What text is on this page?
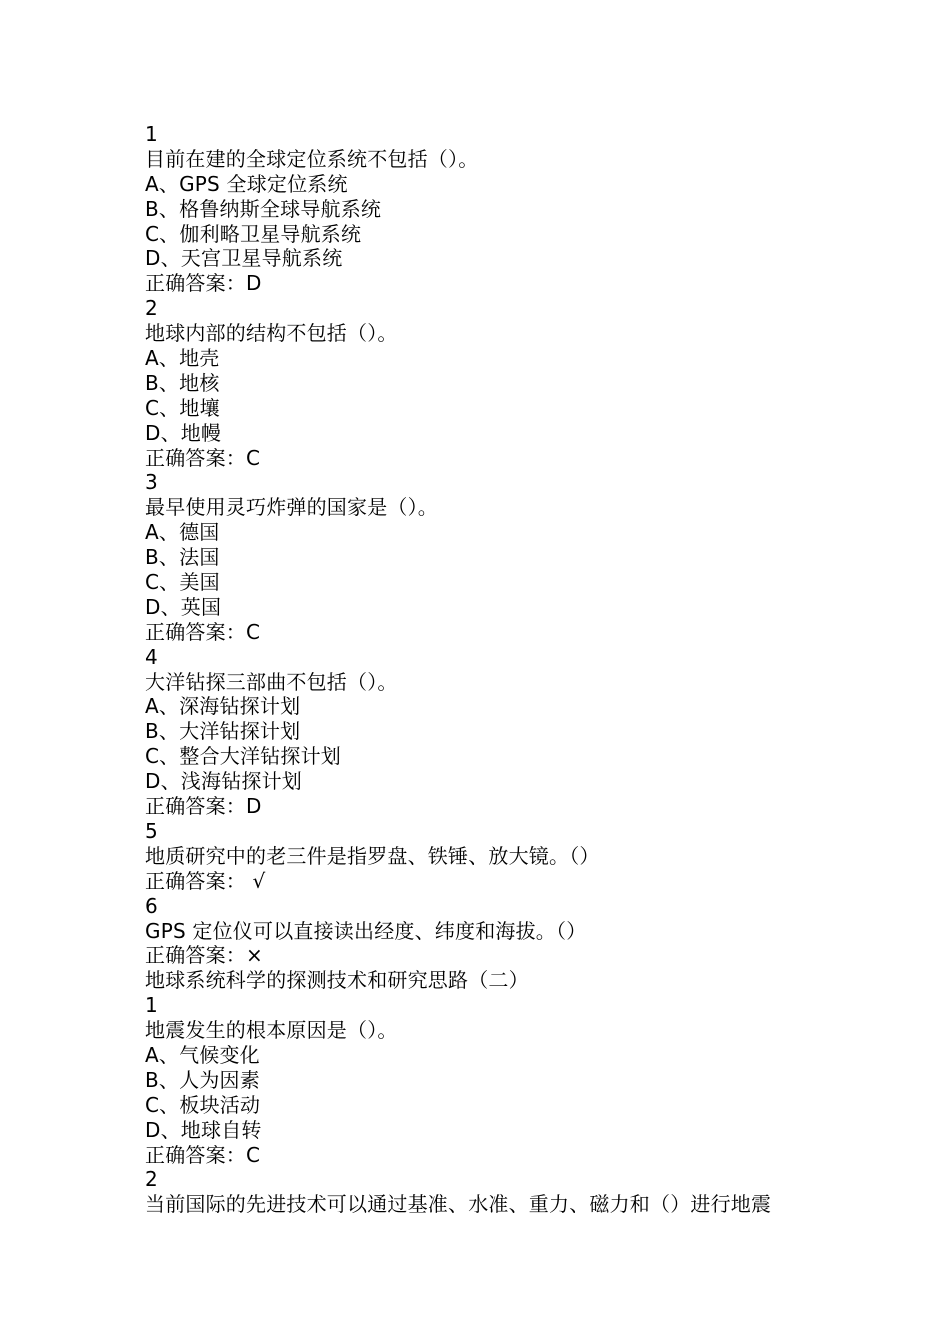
1
目前在建的全球定位系统不包括（）。
A、GPS 全球定位系统
B、格鲁纳斯全球导航系统
C、伽利略卫星导航系统
D、天宫卫星导航系统
正确答案：D
2
地球内部的结构不包括（）。
A、地壳
B、地核
C、地壤
D、地幔
正确答案：C
3
最早使用灵巧炸弹的国家是（）。
A、德国
B、法国
C、美国
D、英国
正确答案：C
4
大洋钻探三部曲不包括（）。
A、深海钻探计划
B、大洋钻探计划
C、整合大洋钻探计划
D、浅海钻探计划
正确答案：D
5
地质研究中的老三件是指罗盘、铁锤、放大镜。（）
正确答案： √
6
GPS 定位仪可以直接读出经度、纬度和海拔。（）
正确答案：×
地球系统科学的探测技术和研究思路（二）
1
地震发生的根本原因是（）。
A、气候变化
B、人为因素
C、板块活动
D、地球自转
正确答案：C
2
当前国际的先进技术可以通过基准、水准、重力、磁力和（）进行地震
